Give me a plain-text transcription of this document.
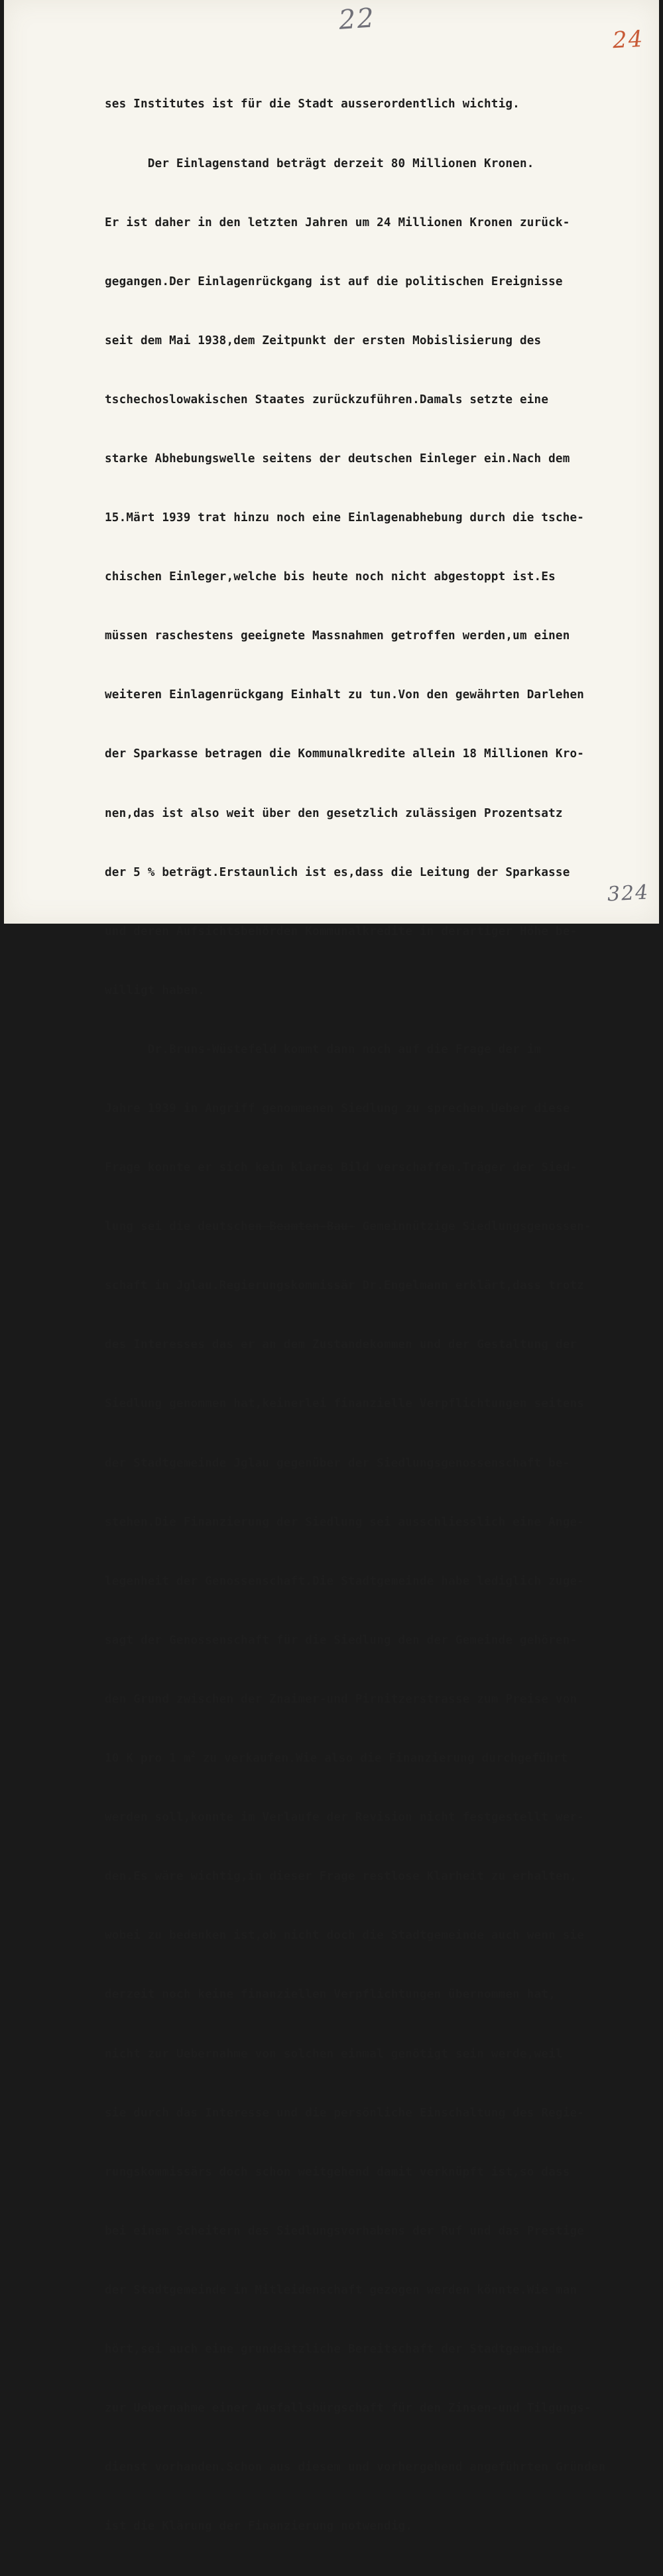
22
24
324

ses Institutes ist für die Stadt ausserordentlich wichtig.

Der Einlagenstand beträgt derzeit 80 Millionen Kronen.

Er ist daher in den letzten Jahren um 24 Millionen Kronen zurück-

gegangen.Der Einlagenrückgang ist auf die politischen Ereignisse

seit dem Mai 1938,dem Zeitpunkt der ersten Mobislisierung des

tschechoslowakischen Staates zurückzuführen.Damals setzte eine

starke Abhebungswelle seitens der deutschen Einleger ein.Nach dem

15.Märt 1939 trat hinzu noch eine Einlagenabhebung durch die tsche-

chischen Einleger,welche bis heute noch nicht abgestoppt ist.Es

müssen raschestens geeignete Massnahmen getroffen werden,um einen

weiteren Einlagenrückgang Einhalt zu tun.Von den gewährten Darlehen

der Sparkasse betragen die Kommunalkredite allein 18 Millionen Kro-

nen,das ist also weit über den gesetzlich zulässigen Prozentsatz

der 5 % beträgt.Erstaunlich ist es,dass die Leitung der Sparkasse

und deren Aufsichtsbehörden Kommunalkredite in derartiger Höhe be-

willigt haben.

Dr.Bruns-Wüstefeld kommt dann noch auf die Frage der im

Jahre 1939 in Angriff genommenen Siedlung zu sprechen.Ueber diese

Frage konnte er sich kein klares Bild verschaffen.Träger der Sied-

lung sei die deutschen Beamten-Bau- Gemeinnützige Siedlungsgenossen-

schaft in Jglau.Regierungskommissär Dr.Engelmann erklärt,dass trotz

des Interesses das er an dem Zustandekommen und der Gestaltung der

Siedlung genommen hat,keinerlei finanzielle Verpflichtungen seitens

der Stadtgemeinde Jglau gegenüber der Siedlungsgenossenschaft be-

stehen.Die Finanzierung der Siedlung sei ausschliesslich eine Ange-

legenheit der Genossenschaft.Die Stadtgemeinde habe lediglich zuge-

sagt der Genossenschaft für die Siedlung den der Gemeinde gehören-

den Grund zwischen der Znaimer-und Pirnitzerstrasse zum Preise von

10 K pro 1 $m^2$ zu verkaufen.Wie also die Finanzierung durchgeführt

werden soll,konnte im Verlaufe der Revision nicht festgestellt wer-

den.Es wäre wichtig,in dieser Frage restlose Klarheit zu erhalten,

wobei zu bedenken ist,ob nicht doch die Stadtgemeinde auch wenn sie

derzeit noch keine finanziellen Verpflichtungen übernommen hat,

nicht zur Uebernahme von solchen einmal genötigt sein werde,weil

sie durch das Interesse und die persönliche Einschaltung des Regie-

rungskommissärs doch schon weitgehend damit verknüpft ist,so dass

bei einem Scheitern des Siedlungsvorhabens der Ruf und das Prestige

der Stadtgemeinde in Mitleidenschaft gezogen werden könnte.Wie man

hört,sei auch eine grundsätzliche Bereitschaft der Stadtgemeinde

zur Uebernahme einer Ausfallsbürgschaft für den Zinsen-und Tilgungs-

dienst vorhanden.Schon aus diesem und vorhergehend angeführten Gründen

ist die Klärung der Finanzierung notwendig.
